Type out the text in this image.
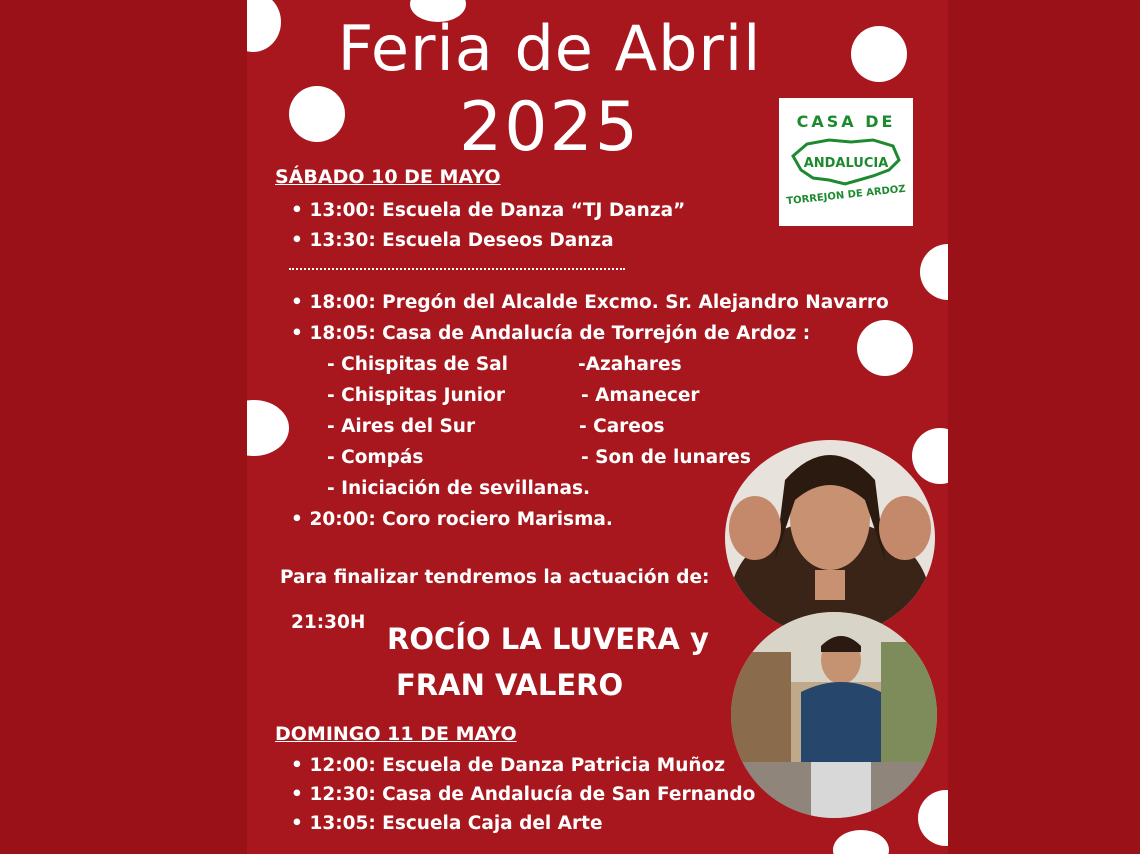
Feria de Abril
2025	CASA DE
ANDALUCIA
TORREJON DE ARDOZ
SÁBADO 10 DE MAYO
• 13:00: Escuela de Danza “TJ Danza”
• 13:30: Escuela Deseos Danza
• 18:00: Pregón del Alcalde Excmo. Sr. Alejandro Navarro
• 18:05: Casa de Andalucía de Torrejón de Ardoz :
- Chispitas de Sal
- Chispitas Junior
- Aires del Sur
- Compás
- Iniciación de sevillanas.
-Azahares
- Amanecer
- Careos
- Son de lunares
• 20:00: Coro rociero Marisma.
Para finalizar tendremos la actuación de:
21:30H ROCÍO LA LUVERA y
FRAN VALERO
DOMINGO 11 DE MAYO
• 12:00: Escuela de Danza Patricia Muñoz
• 12:30: Casa de Andalucía de San Fernando
• 13:05: Escuela Caja del Arte
